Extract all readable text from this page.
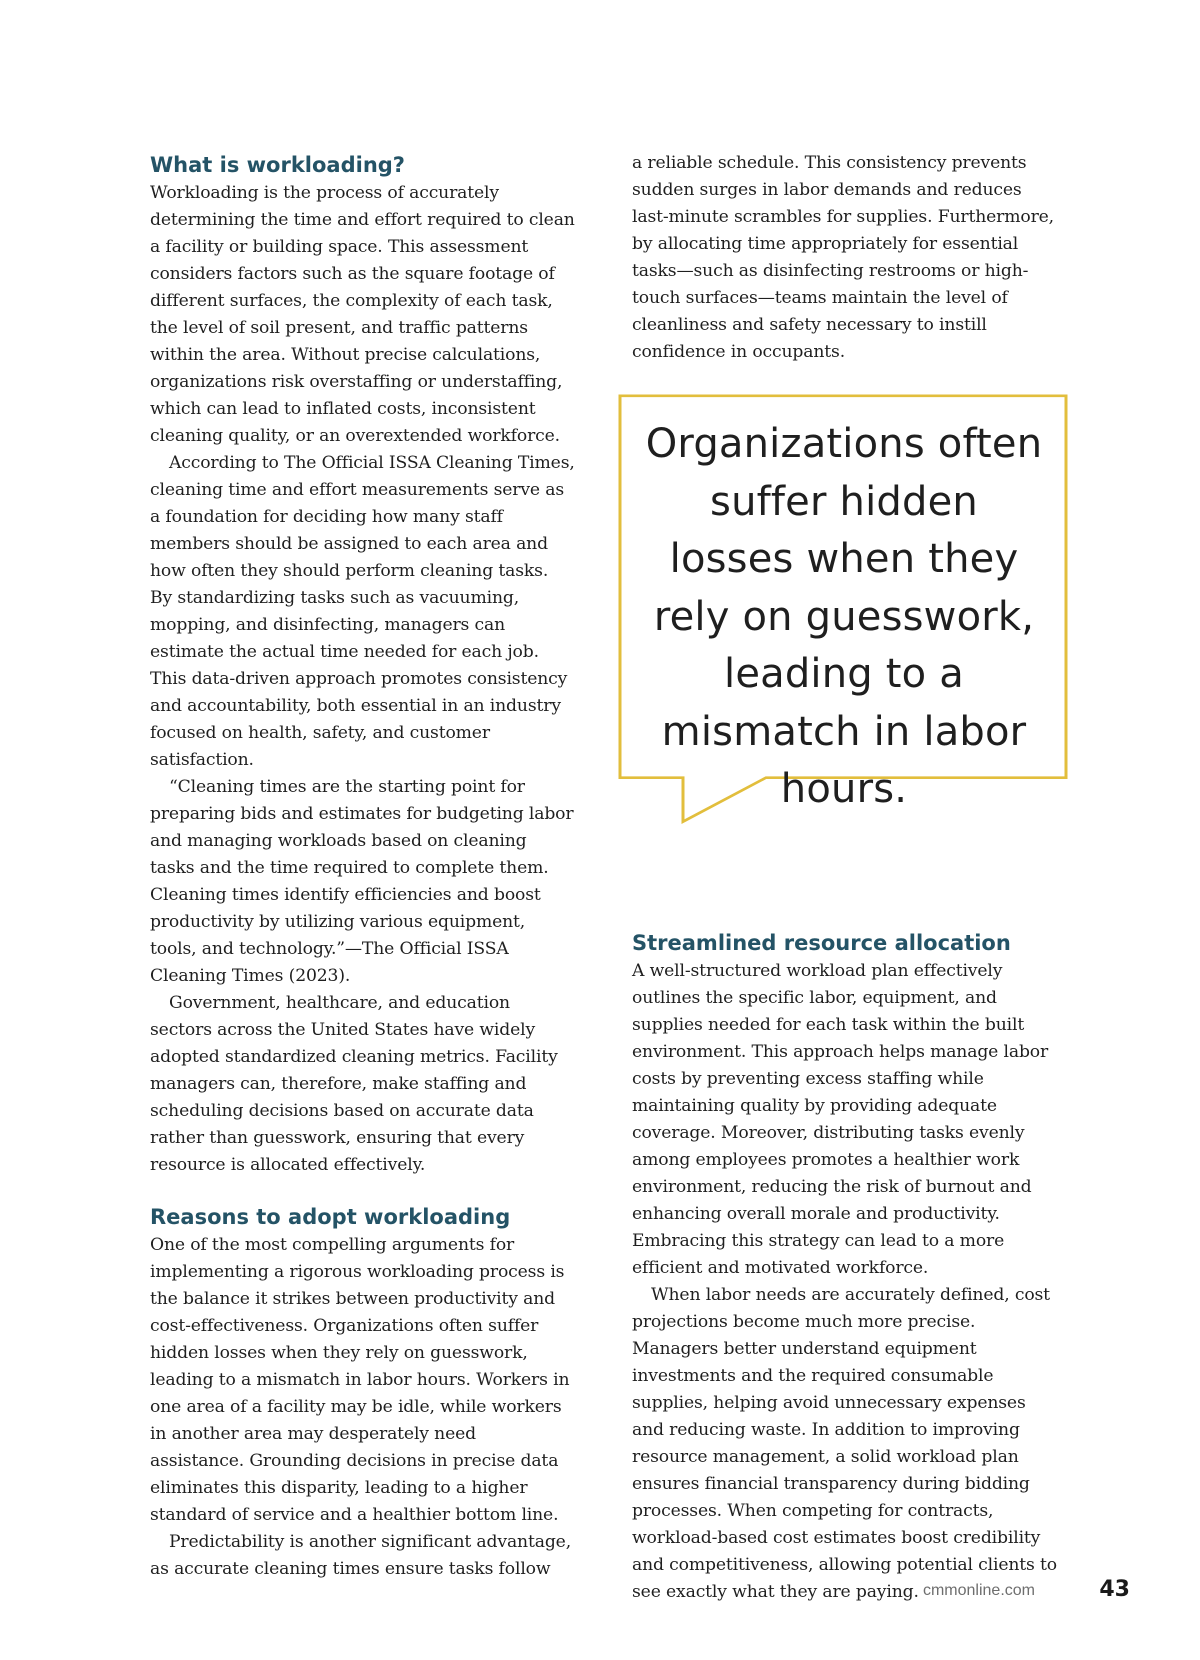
What is workloading?

Workloading is the process of accurately determining the time and effort required to clean a facility or building space. This assessment considers factors such as the square footage of different surfaces, the complexity of each task, the level of soil present, and traffic patterns within the area. Without precise calculations, organizations risk overstaffing or understaffing, which can lead to inflated costs, inconsistent cleaning quality, or an overextended workforce.

According to The Official ISSA Cleaning Times, cleaning time and effort measurements serve as a foundation for deciding how many staff members should be assigned to each area and how often they should perform cleaning tasks. By standardizing tasks such as vacuuming, mopping, and disinfecting, managers can estimate the actual time needed for each job. This data-driven approach promotes consistency and accountability, both essential in an industry focused on health, safety, and customer satisfaction.

“Cleaning times are the starting point for preparing bids and estimates for budgeting labor and managing workloads based on cleaning tasks and the time required to complete them. Cleaning times identify efficiencies and boost productivity by utilizing various equipment, tools, and technology.”—The Official ISSA Cleaning Times (2023).

Government, healthcare, and education sectors across the United States have widely adopted standardized cleaning metrics. Facility managers can, therefore, make staffing and scheduling decisions based on accurate data rather than guesswork, ensuring that every resource is allocated effectively.

Reasons to adopt workloading

One of the most compelling arguments for implementing a rigorous workloading process is the balance it strikes between productivity and cost-effectiveness. Organizations often suffer hidden losses when they rely on guesswork, leading to a mismatch in labor hours. Workers in one area of a facility may be idle, while workers in another area may desperately need assistance. Grounding decisions in precise data eliminates this disparity, leading to a higher standard of service and a healthier bottom line.

Predictability is another significant advantage, as accurate cleaning times ensure tasks follow

a reliable schedule. This consistency prevents sudden surges in labor demands and reduces last-minute scrambles for supplies. Furthermore, by allocating time appropriately for essential tasks—such as disinfecting restrooms or high-touch surfaces—teams maintain the level of cleanliness and safety necessary to instill confidence in occupants.

Streamlined resource allocation

A well-structured workload plan effectively outlines the specific labor, equipment, and supplies needed for each task within the built environment. This approach helps manage labor costs by preventing excess staffing while maintaining quality by providing adequate coverage. Moreover, distributing tasks evenly among employees promotes a healthier work environment, reducing the risk of burnout and enhancing overall morale and productivity. Embracing this strategy can lead to a more efficient and motivated workforce.

When labor needs are accurately defined, cost projections become much more precise. Managers better understand equipment investments and the required consumable supplies, helping avoid unnecessary expenses and reducing waste. In addition to improving resource management, a solid workload plan ensures financial transparency during bidding processes. When competing for contracts, workload-based cost estimates boost credibility and competitiveness, allowing potential clients to see exactly what they are paying.

Organizations often suffer hidden losses when they rely on guesswork, leading to a mismatch in labor hours.
cmmonline.com	43
